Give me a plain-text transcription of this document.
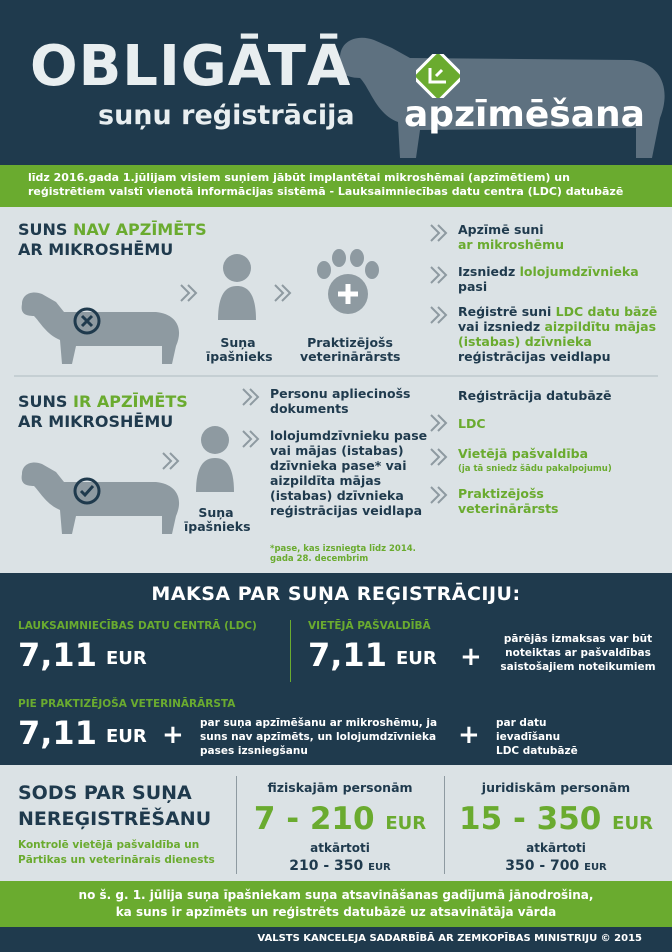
OBLIGĀTĀ
suņu reģistrācija apzīmēšana
līdz 2016.gada 1.jūlijam visiem suņiem jābūt implantētai mikroshēmai (apzīmētiem) un reģistrētiem valstī vienotā informācijas sistēmā - Lauksaimniecības datu centra (LDC) datubāzē
SUNS NAV APZĪMĒTS
AR MIKROSHĒMU
Suņa īpašnieks
Praktizējošs veterinārārsts
Apzīmē suni
ar mikroshēmu
Izsniedz lolojumdzīvnieka pasi
Reģistrē suni LDC datu bāzē vai izsniedz aizpildītu mājas (istabas) dzīvnieka reģistrācijas veidlapu
SUNS IR APZĪMĒTS
AR MIKROSHĒMU
Suņa īpašnieks
Personu apliecinošs dokuments
lolojumdzīvnieku pase vai mājas (istabas) dzīvnieka pase* vai aizpildīta mājas (istabas) dzīvnieka reģistrācijas veidlapa
*pase, kas izsniegta līdz 2014. gada 28. decembrim
Reģistrācija datubāzē
LDC
Vietējā pašvaldība
(ja tā sniedz šādu pakalpojumu)
Praktizējošs veterinārārsts
MAKSA PAR SUŅA REĢISTRĀCIJU:
LAUKSAIMNIECĪBAS DATU CENTRĀ (LDC)
7,11 EUR
VIETĒJĀ PAŠVALDĪBĀ
7,11 EUR +
pārējās izmaksas var būt noteiktas ar pašvaldības saistošajiem noteikumiem
PIE PRAKTIZĒJOŠA VETERINĀRĀRSTA
7,11 EUR + par suņa apzīmēšanu ar mikroshēmu, ja suns nav apzīmēts, un lolojumdzīvnieka pases izsniegšanu
+ par datu ievadīšanu LDC datubāzē
SODS PAR SUŅA
NEREĢISTRĒŠANU
Kontrolē vietējā pašvaldība un Pārtikas un veterinārais dienests
fiziskajām personām
7 - 210 EUR
atkārtoti
210 - 350 EUR
juridiskām personām
15 - 350 EUR
atkārtoti
350 - 700 EUR
no š. g. 1. jūlija suņa īpašniekam suņa atsavināšanas gadījumā jānodrošina, ka suns ir apzīmēts un reģistrēts datubāzē uz atsavinātāja vārda
VALSTS KANCELEJA SADARBĪBĀ AR ZEMKOPĪBAS MINISTRIJU © 2015
